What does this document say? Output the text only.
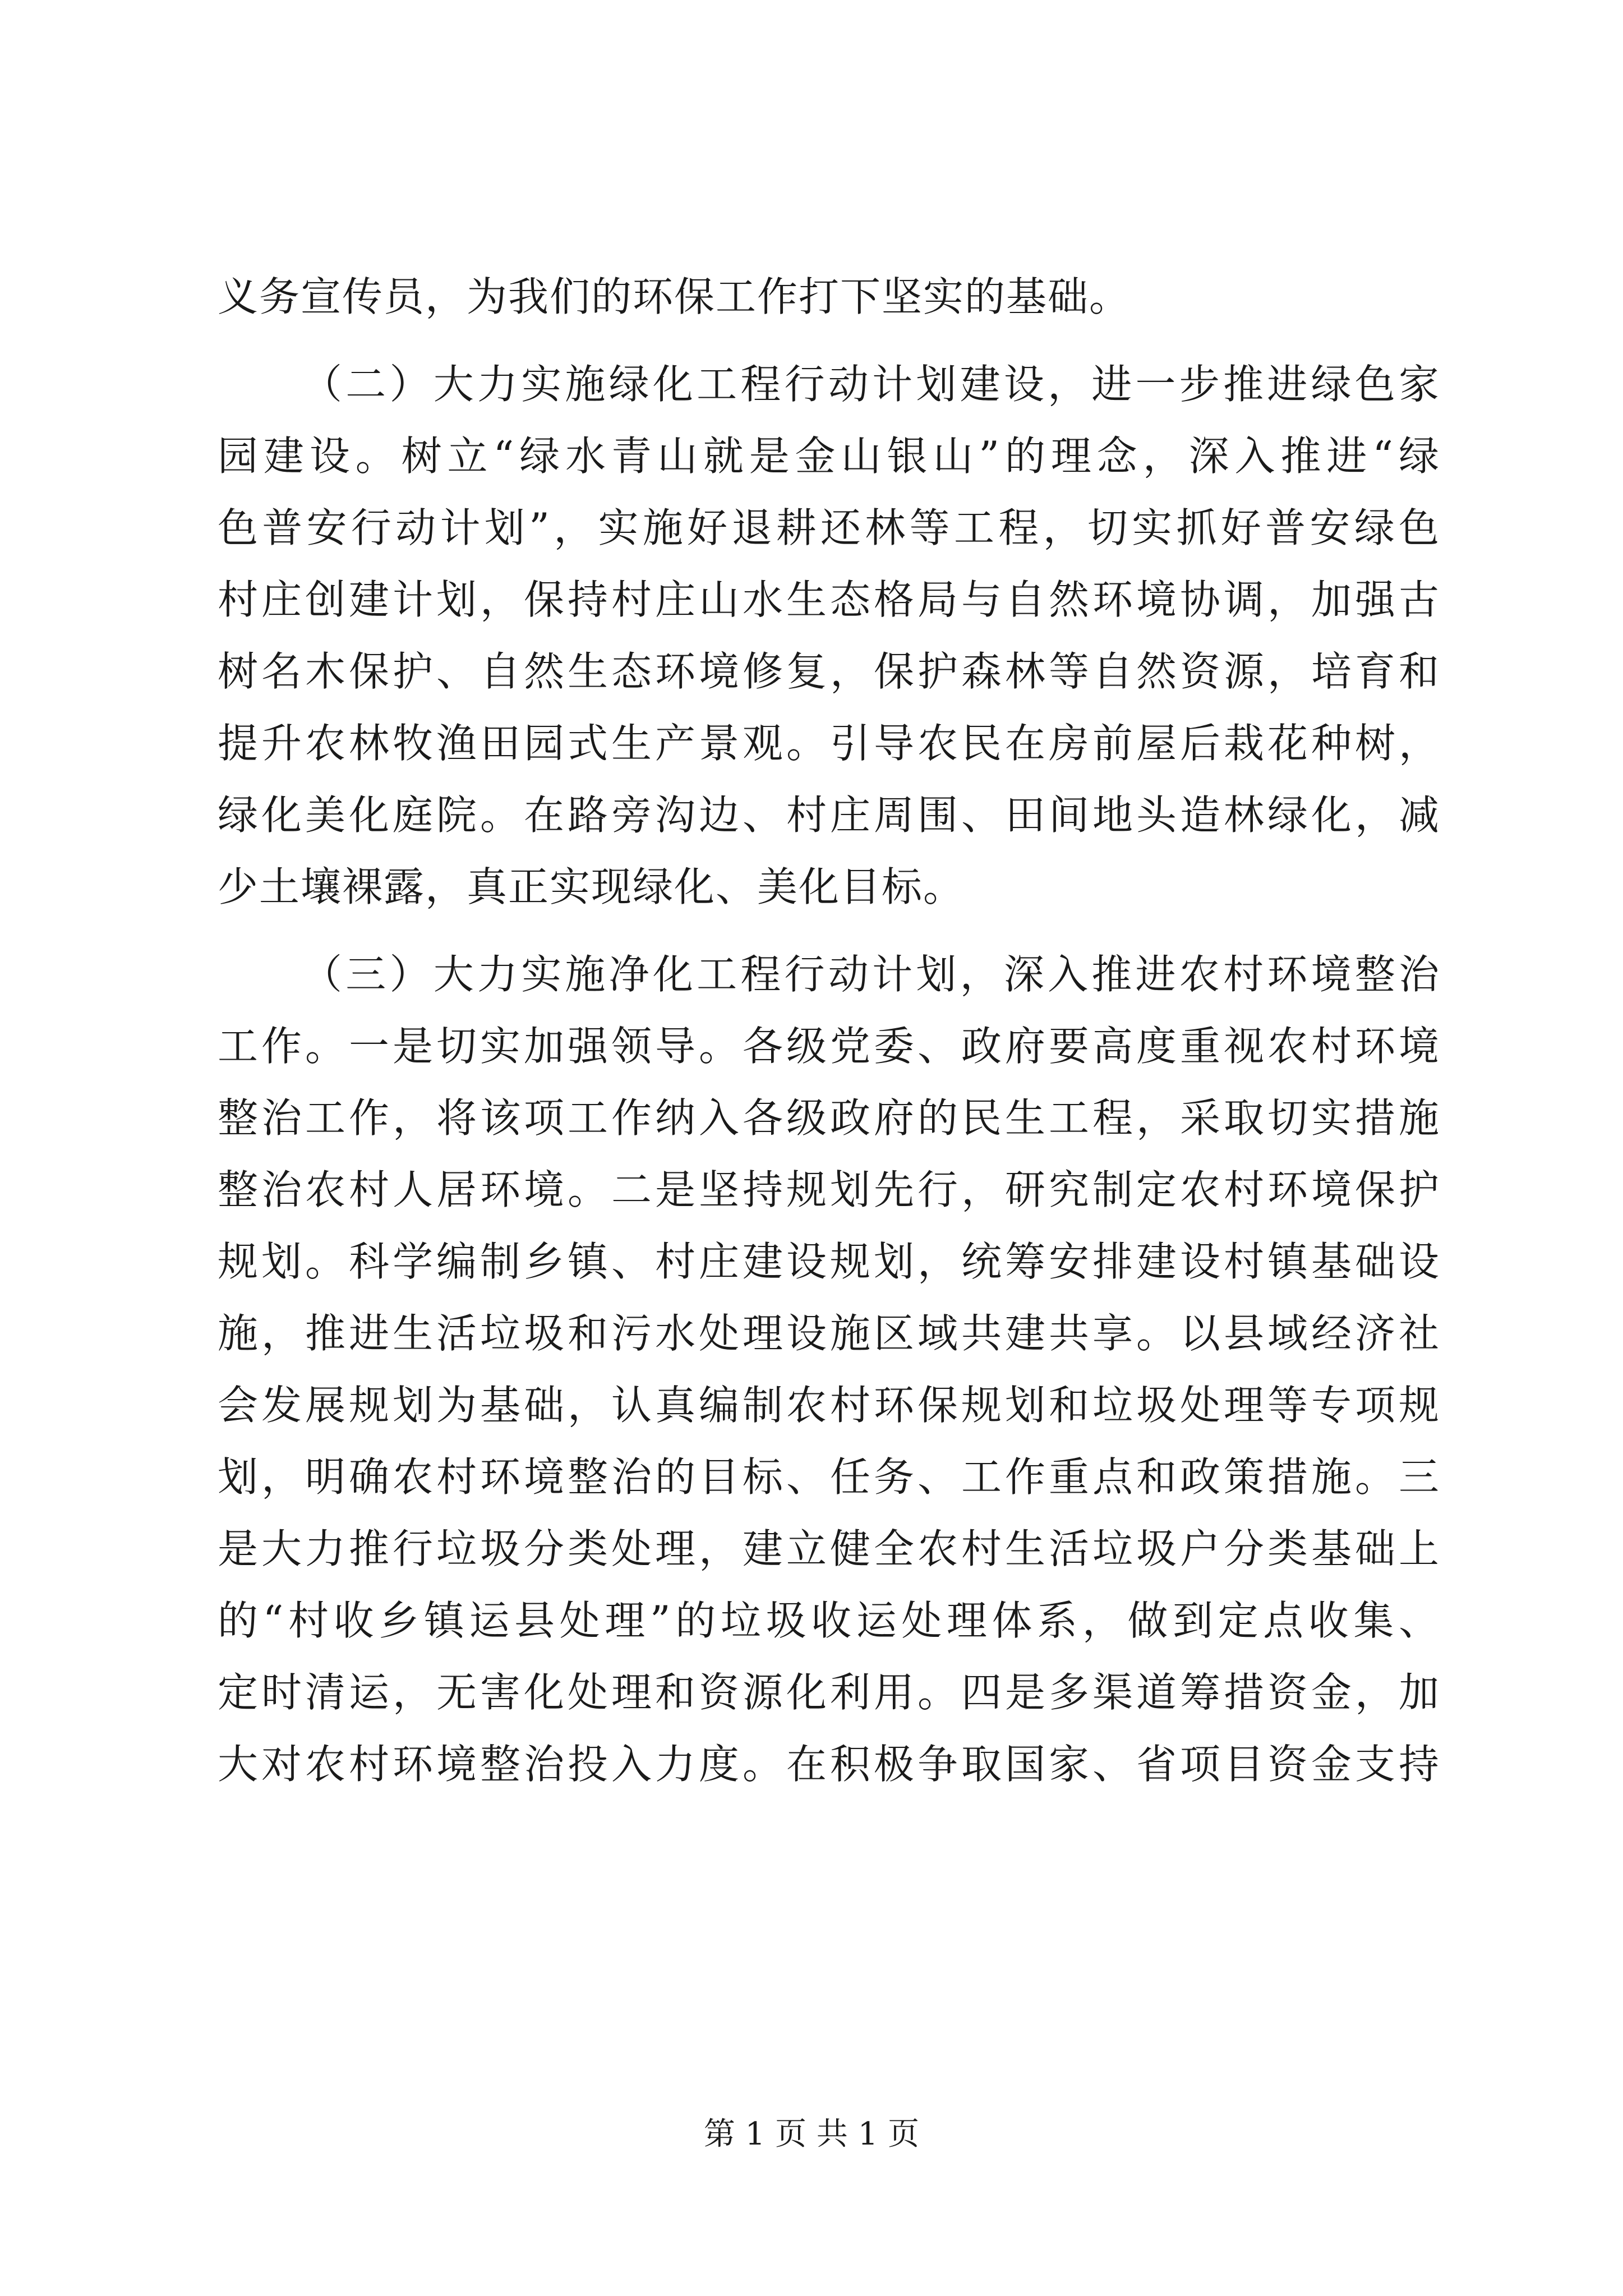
义务宣传员，为我们的环保工作打下坚实的基础。
（二）大力实施绿化工程行动计划建设，进一步推进绿色家
园建设。树立“绿水青山就是金山银山”的理念，深入推进“绿
色普安行动计划”，实施好退耕还林等工程，切实抓好普安绿色
村庄创建计划，保持村庄山水生态格局与自然环境协调，加强古
树名木保护、自然生态环境修复，保护森林等自然资源，培育和
提升农林牧渔田园式生产景观。引导农民在房前屋后栽花种树，
绿化美化庭院。在路旁沟边、村庄周围、田间地头造林绿化，减
少土壤裸露，真正实现绿化、美化目标。
（三）大力实施净化工程行动计划，深入推进农村环境整治
工作。一是切实加强领导。各级党委、政府要高度重视农村环境
整治工作，将该项工作纳入各级政府的民生工程，采取切实措施
整治农村人居环境。二是坚持规划先行，研究制定农村环境保护
规划。科学编制乡镇、村庄建设规划，统筹安排建设村镇基础设
施，推进生活垃圾和污水处理设施区域共建共享。以县域经济社
会发展规划为基础，认真编制农村环保规划和垃圾处理等专项规
划，明确农村环境整治的目标、任务、工作重点和政策措施。三
是大力推行垃圾分类处理，建立健全农村生活垃圾户分类基础上
的“村收乡镇运县处理”的垃圾收运处理体系，做到定点收集、
定时清运，无害化处理和资源化利用。四是多渠道筹措资金，加
大对农村环境整治投入力度。在积极争取国家、省项目资金支持
第 1 页 共 1 页
